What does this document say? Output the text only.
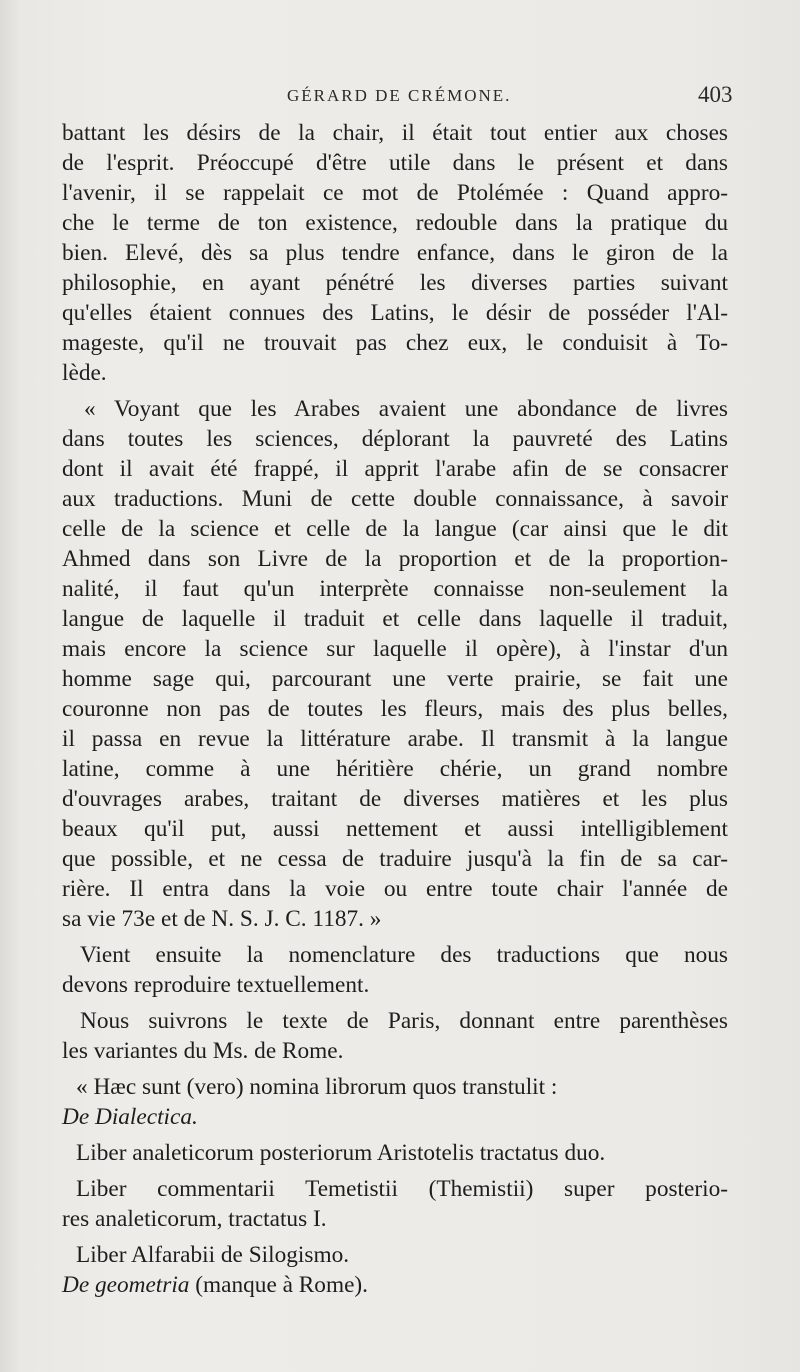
GÉRARD DE CRÉMONE.	403

battant les désirs de la chair, il était tout entier aux choses
de l'esprit. Préoccupé d'être utile dans le présent et dans
l'avenir, il se rappelait ce mot de Ptolémée : Quand appro-
che le terme de ton existence, redouble dans la pratique du
bien. Elevé, dès sa plus tendre enfance, dans le giron de la
philosophie, en ayant pénétré les diverses parties suivant
qu'elles étaient connues des Latins, le désir de posséder l'Al-
mageste, qu'il ne trouvait pas chez eux, le conduisit à To-
lède.

« Voyant que les Arabes avaient une abondance de livres
dans toutes les sciences, déplorant la pauvreté des Latins
dont il avait été frappé, il apprit l'arabe afin de se consacrer
aux traductions. Muni de cette double connaissance, à savoir
celle de la science et celle de la langue (car ainsi que le dit
Ahmed dans son Livre de la proportion et de la proportion-
nalité, il faut qu'un interprète connaisse non-seulement la
langue de laquelle il traduit et celle dans laquelle il traduit,
mais encore la science sur laquelle il opère), à l'instar d'un
homme sage qui, parcourant une verte prairie, se fait une
couronne non pas de toutes les fleurs, mais des plus belles,
il passa en revue la littérature arabe. Il transmit à la langue
latine, comme à une héritière chérie, un grand nombre
d'ouvrages arabes, traitant de diverses matières et les plus
beaux qu'il put, aussi nettement et aussi intelligiblement
que possible, et ne cessa de traduire jusqu'à la fin de sa car-
rière. Il entra dans la voie ou entre toute chair l'année de
sa vie 73e et de N. S. J. C. 1187. »

Vient ensuite la nomenclature des traductions que nous
devons reproduire textuellement.

Nous suivrons le texte de Paris, donnant entre parenthèses
les variantes du Ms. de Rome.

« Hæc sunt (vero) nomina librorum quos transtulit :

De Dialectica.

Liber analeticorum posteriorum Aristotelis tractatus duo.

Liber commentarii Temetistii (Themistii) super posterio-
res analeticorum, tractatus I.

Liber Alfarabii de Silogismo.

De geometria (manque à Rome).
